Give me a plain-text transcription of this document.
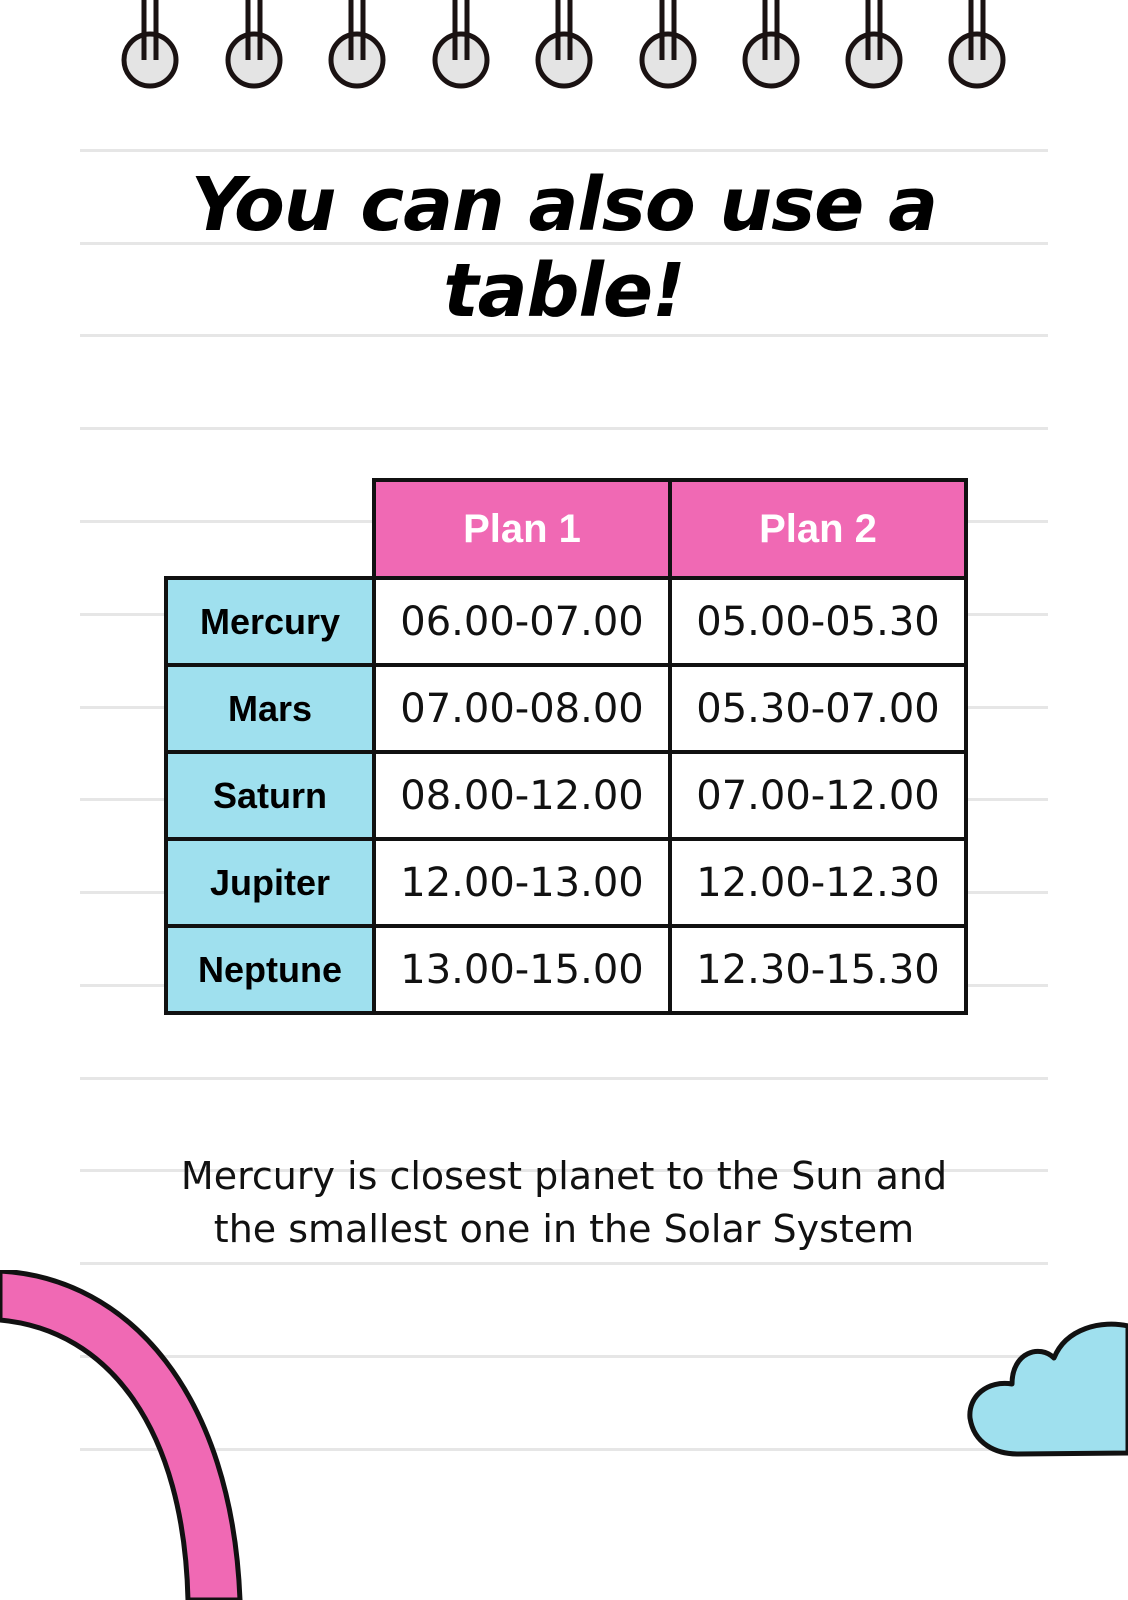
You can also use a table!
	Plan 1	Plan 2
Mercury	06.00-07.00	05.00-05.30
Mars	07.00-08.00	05.30-07.00
Saturn	08.00-12.00	07.00-12.00
Jupiter	12.00-13.00	12.00-12.30
Neptune	13.00-15.00	12.30-15.30
Mercury is closest planet to the Sun and
the smallest one in the Solar System
